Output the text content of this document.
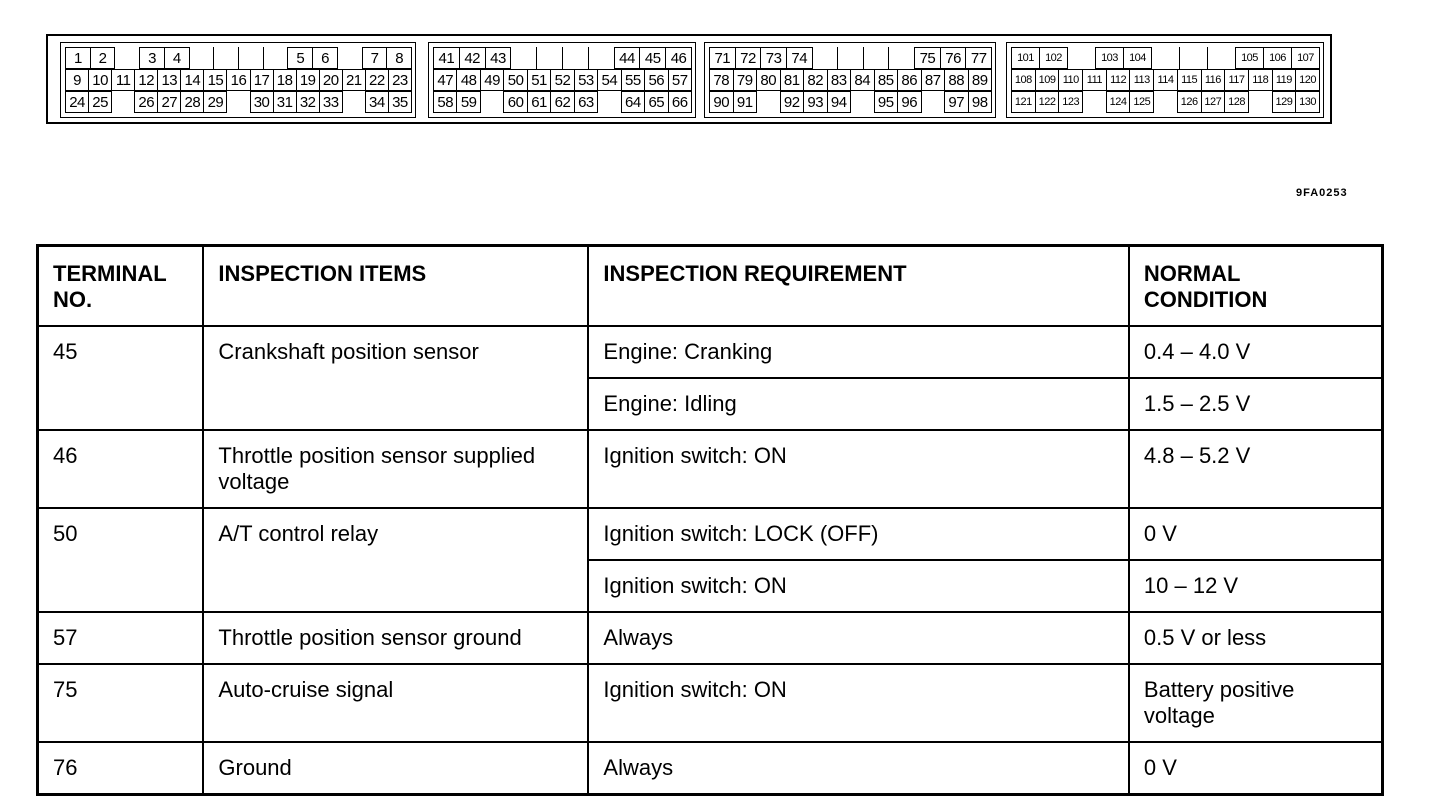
1	2	3	4	5	6	7	8
9 10 11 12 13 14 15 16 17 18 19 20 21 22 23
24 25 26 27 28 29 30 31 32 33 34 35
41 42 43	44 45 46
47 48 49 50 51 52 53 54 55 56 57
58 59 60 61 62 63 64 65 66
71 72 73 74	75 76 77
78 79 80 81 82 83 84 85 86 87 88 89
90 91 92 93 94 95 96 97 98
101	102	103	104	105	106	107
108 109 110 111 112 113 114 115 116 117 118 119 120
121 122 123	124 125	126 127 128	129 130
9FA0253
TERMINAL NO.	INSPECTION ITEMS	INSPECTION REQUIREMENT	NORMAL CONDITION
45	Crankshaft position sensor	Engine: Cranking	0.4 – 4.0 V
		Engine: Idling	1.5 – 2.5 V
46	Throttle position sensor supplied voltage	Ignition switch: ON	4.8 – 5.2 V
50	A/T control relay	Ignition switch: LOCK (OFF)	0 V
		Ignition switch: ON	10 – 12 V
57	Throttle position sensor ground	Always	0.5 V or less
75	Auto-cruise signal	Ignition switch: ON	Battery positive voltage
76	Ground	Always	0 V
